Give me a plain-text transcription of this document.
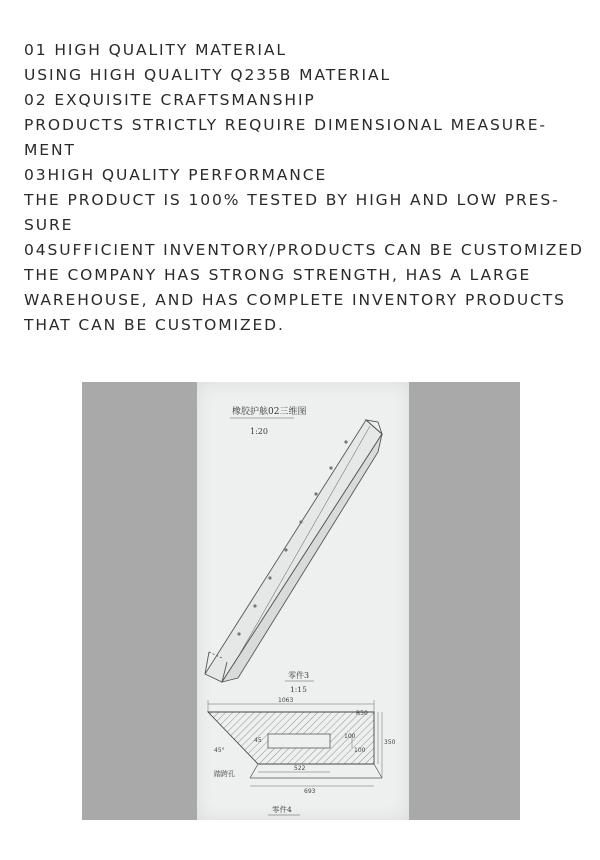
01 HIGH QUALITY MATERIAL
USING HIGH QUALITY Q235B MATERIAL
02 EXQUISITE CRAFTSMANSHIP
PRODUCTS STRICTLY REQUIRE DIMENSIONAL MEASURE-
MENT
03HIGH QUALITY PERFORMANCE
THE PRODUCT IS 100% TESTED BY HIGH AND LOW PRES-
SURE
04SUFFICIENT INVENTORY/PRODUCTS CAN BE CUSTOMIZED
THE COMPANY HAS STRONG STRENGTH, HAS A LARGE
WAREHOUSE, AND HAS COMPLETE INVENTORY PRODUCTS
THAT CAN BE CUSTOMIZED.
橡胶护舷02三维图
1:20
零件3
1:15
1063
R50
45°
45
100
100
350
522
693
踏跨孔
零件4
